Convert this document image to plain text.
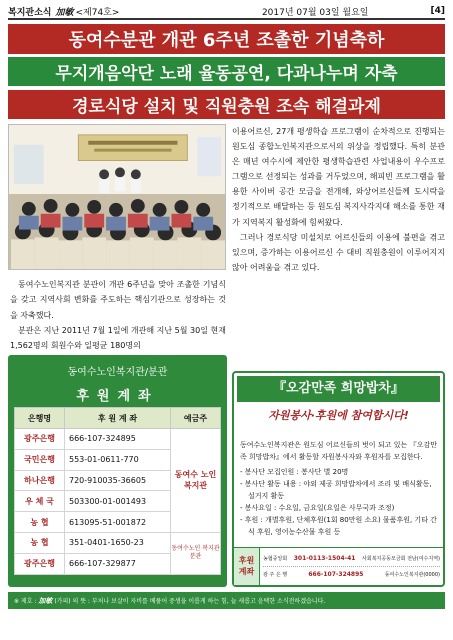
복지관소식 加敏 <제74호>	2017년 07월 03일 월요일	[4]
동여수분관 개관 6주년 조촐한 기념축하
무지개음악단 노래 율동공연, 다과나누며 자축
경로식당 설치 및 직원충원 조속 해결과제

동여수노인복지관 분관이 개관 6주년을 맞아 조촐한 기념식을 갖고 지역사회 변화를 주도하는 핵심기관으로 성장하는 것을 자축했다.

분관은 지난 2011년 7월 1일에 개관해 지난 5월 30일 현재 1,562명의 회원수와 일평균 180명의

이용어르신, 27개 평생학습 프로그램이 순차적으로 진행되는 원도심 종합노인복지관으로서의 위상을 정립했다. 특히 분관은 매년 여수시에 제안한 평생학습관련 사업내용이 우수프로그램으로 선정되는 성과를 거두었으며, 해피빈 프로그램을 활용한 사이버 공간 모금을 전개해, 와상어르신들께 도시락을 정기적으로 배달하는 등 원도심 복지사각지대 해소를 통한 재가 지역복지 활성화에 힘써왔다.

그러나 경로식당 미설치로 어르신들의 이용에 불편을 겪고 있으며, 증가하는 이용어르신 수 대비 직원충원이 이루어지지 않아 어려움을 겪고 있다.

동여수노인복지관/분관
후원계좌
은행명	후 원 계 좌	예금주
광주은행	666-107-324895	동여수 노인 복지관
국민은행	553-01-0611-770	
하나은행	720-910035-36605	
우 체 국	503300-01-001493	
농 협	613095-51-001872	
농 협	351-0401-1650-23	동여수노인 복지관분관
광주은행	666-107-329877	
『오감만족 희망밥차』
자원봉사·후원에 참여합시다!

동여수노인복지관은 원도심 어르신들의 벗이 되고 있는 『오감만족 희망밥차』에서 활동할 자원봉사자와 후원자를 모집한다.

- 봉사단 모집인원 : 봉사단 별 20명
- 봉사단 활동 내용 : 야외 제공 희망밥차에서 조리 및 배식활동, 설거지 활동
- 봉사요일 : 수요일, 금요일(요일은 사무국과 조정)
- 후원 : 개별후원, 단체후원(1회 80만원 소요) 물품후원, 기타 간식 후원, 영어농수산물 후원 등
후원 계좌
농협중앙회 301-0113-1504-41 사회복지공동모금회 전남(여수지역)
광 주 은 행	666-107-324895	동여수노인복지관(0000)
※ 제호 : 加敏 (가피) 의 뜻 : 부처나 보살이 자비를 베풀어 중생을 이롭게 하는 힘, 늘 새롭고 윤택한 소식전하겠습니다.
